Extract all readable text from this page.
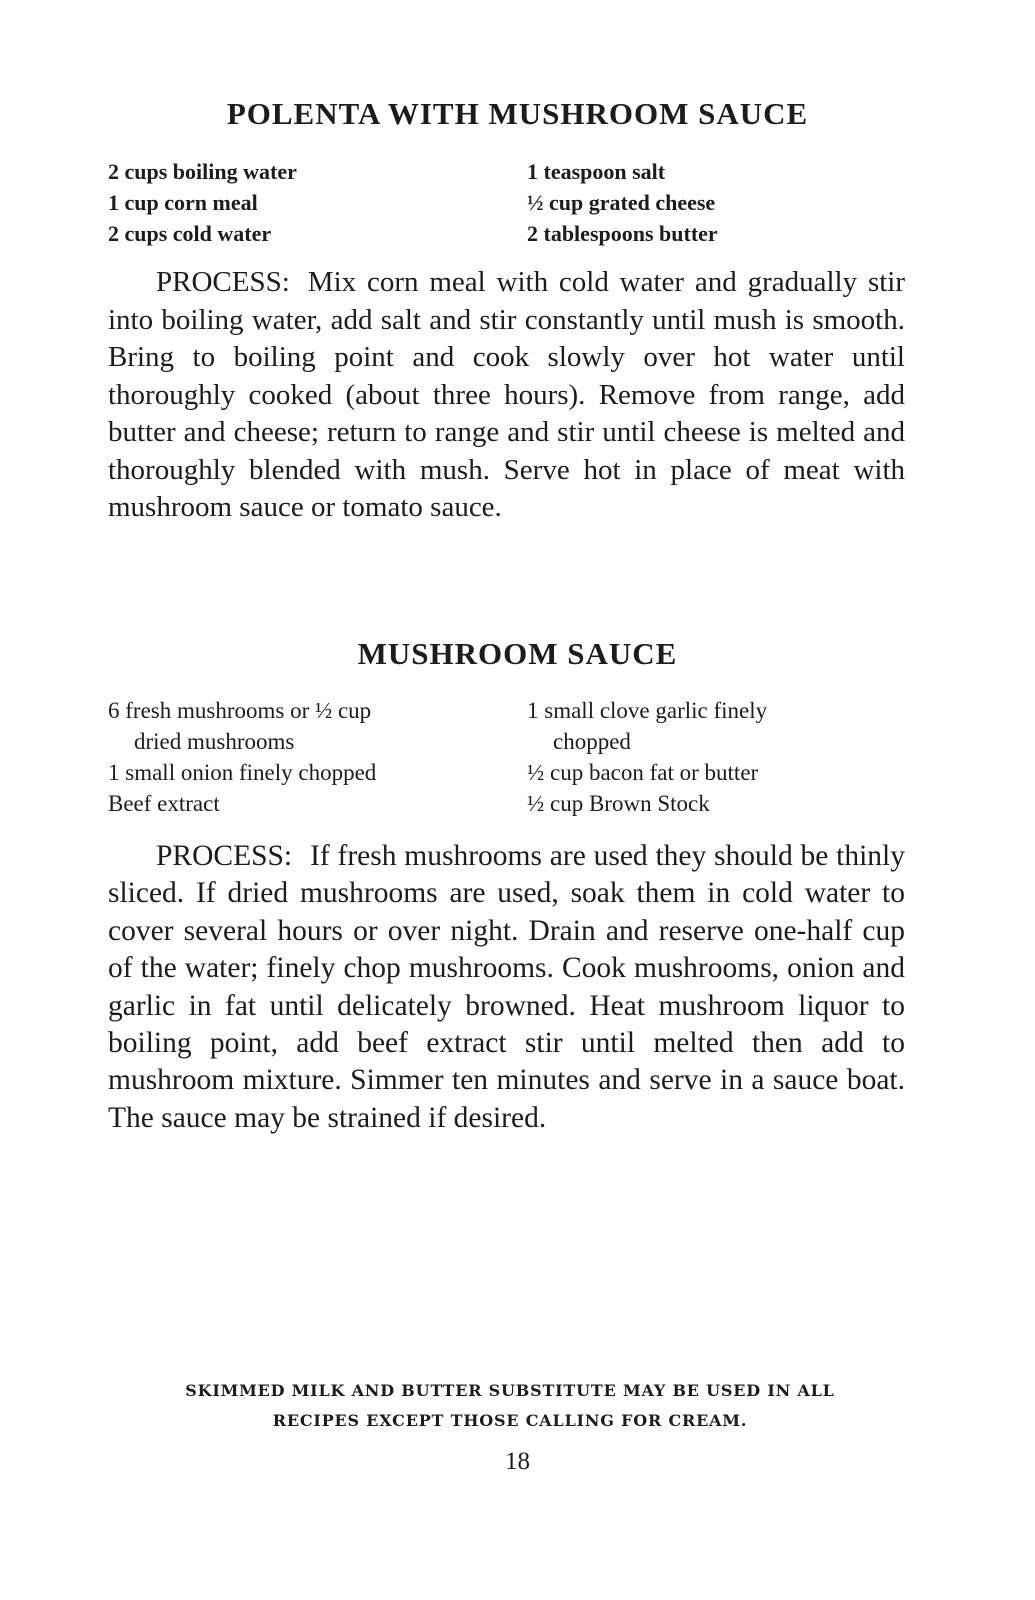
POLENTA WITH MUSHROOM SAUCE
2 cups boiling water
1 cup corn meal
2 cups cold water
1 teaspoon salt
½ cup grated cheese
2 tablespoons butter

PROCESS: Mix corn meal with cold water and gradually stir into boiling water, add salt and stir constantly until mush is smooth. Bring to boiling point and cook slowly over hot water until thoroughly cooked (about three hours). Remove from range, add butter and cheese; return to range and stir until cheese is melted and thoroughly blended with mush. Serve hot in place of meat with mushroom sauce or tomato sauce.

MUSHROOM SAUCE
6 fresh mushrooms or ½ cup
dried mushrooms
1 small onion finely chopped
Beef extract
1 small clove garlic finely
chopped
½ cup bacon fat or butter
½ cup Brown Stock

PROCESS: If fresh mushrooms are used they should be thinly sliced. If dried mushrooms are used, soak them in cold water to cover several hours or over night. Drain and reserve one-half cup of the water; finely chop mushrooms. Cook mushrooms, onion and garlic in fat until delicately browned. Heat mushroom liquor to boiling point, add beef extract stir until melted then add to mushroom mixture. Simmer ten minutes and serve in a sauce boat. The sauce may be strained if desired.

SKIMMED MILK AND BUTTER SUBSTITUTE MAY BE USED IN ALL
RECIPES EXCEPT THOSE CALLING FOR CREAM.

18
